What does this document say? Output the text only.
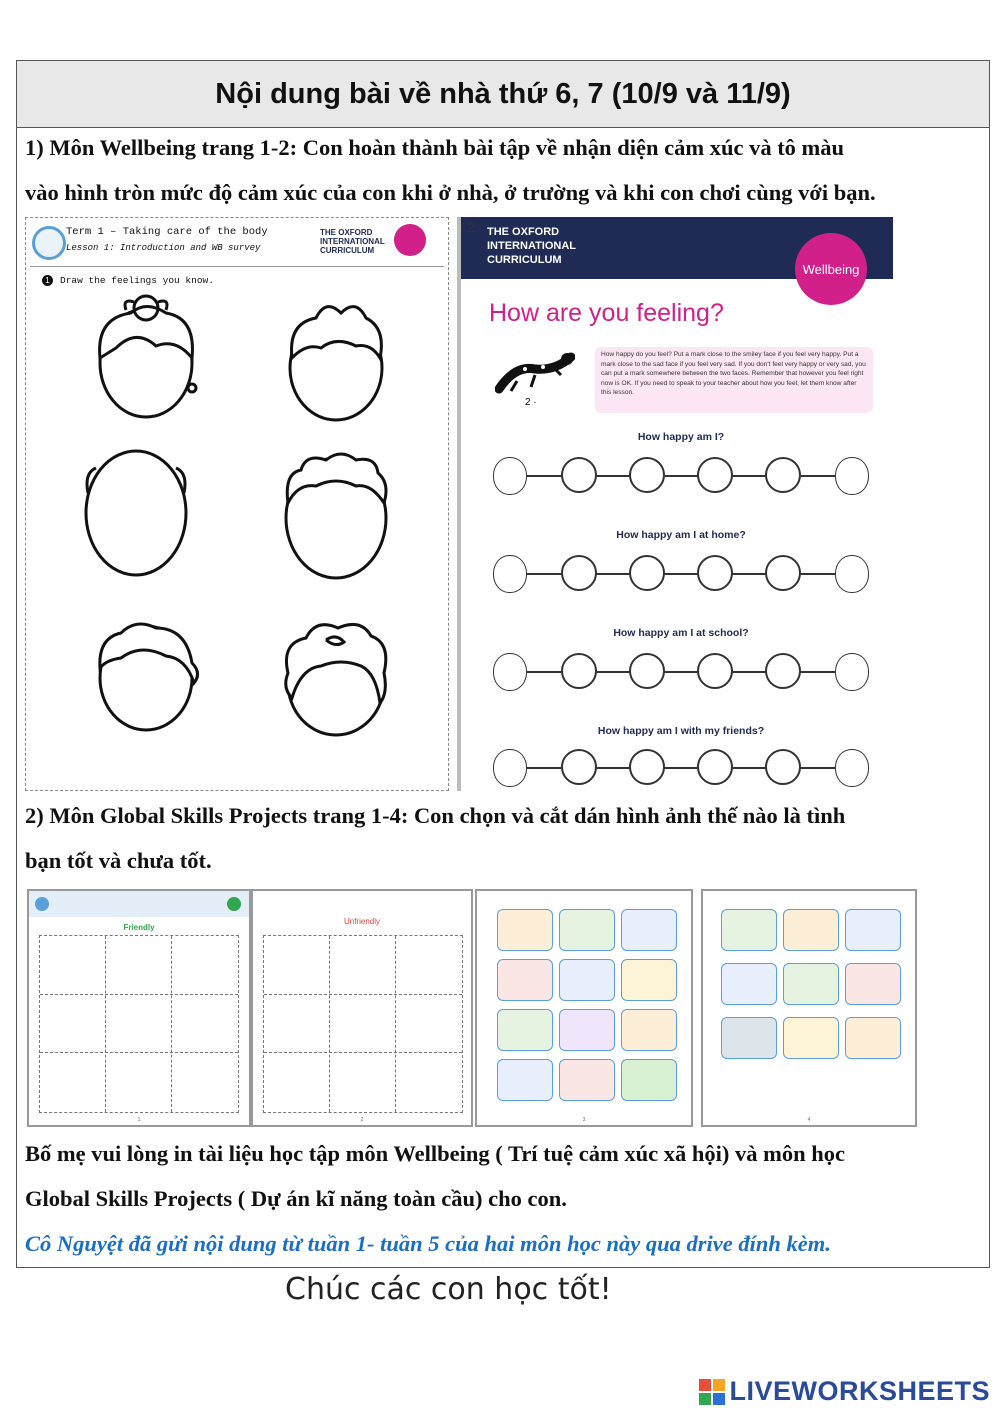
Nội dung bài về nhà thứ 6, 7 (10/9 và 11/9)
1) Môn Wellbeing trang 1-2: Con hoàn thành bài tập về nhận diện cảm xúc và tô màu
vào hình tròn mức độ cảm xúc của con khi ở nhà, ở trường và khi con chơi cùng với bạn.
Term 1 – Taking care of the body
Lesson 1: Introduction and WB survey
THE OXFORD INTERNATIONAL CURRICULUM
1	Draw the feelings you know.
2 THE OXFORD
INTERNATIONAL
CURRICULUM
Wellbeing
How are you feeling?
2 ·
How happy do you feel? Put a mark close to the smiley face if you feel very happy. Put a mark close to the sad face if you feel very sad. If you don't feel very happy or very sad, you can put a mark somewhere between the two faces. Remember that however you feel right now is OK. If you need to speak to your teacher about how you feel, let them know after this lesson.
How happy am I?
How happy am I at home?
How happy am I at school?
How happy am I with my friends?
2) Môn Global Skills Projects trang 1-4: Con chọn và cắt dán hình ảnh thế nào là tình
bạn tốt và chưa tốt.
Friendly
1
Unfriendly
2	3	4
Bố mẹ vui lòng in tài liệu học tập môn Wellbeing ( Trí tuệ cảm xúc xã hội) và môn học
Global Skills Projects ( Dự án kĩ năng toàn cầu) cho con.
Cô Nguyệt đã gửi nội dung từ tuần 1- tuần 5 của hai môn học này qua drive đính kèm.
Chúc các con học tốt!
LIVEWORKSHEETS
